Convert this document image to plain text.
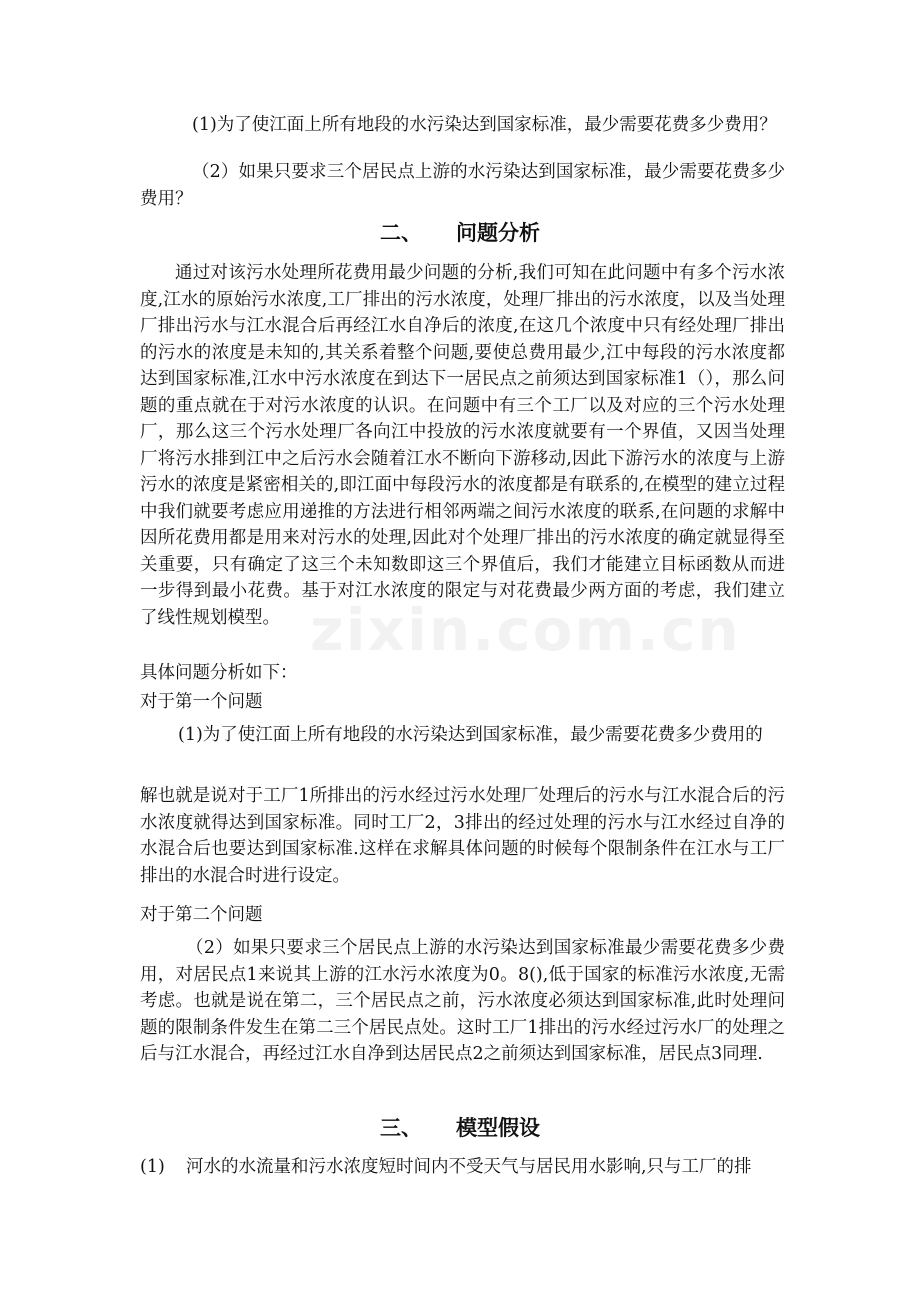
(1)为了使江面上所有地段的水污染达到国家标准，最少需要花费多少费用？

（2）如果只要求三个居民点上游的水污染达到国家标准，最少需要花费多少费用？

二、 问题分析

通过对该污水处理所花费用最少问题的分析,我们可知在此问题中有多个污水浓度,江水的原始污水浓度,工厂排出的污水浓度，处理厂排出的污水浓度，以及当处理厂排出污水与江水混合后再经江水自净后的浓度,在这几个浓度中只有经处理厂排出的污水的浓度是未知的,其关系着整个问题,要使总费用最少,江中每段的污水浓度都达到国家标准,江水中污水浓度在到达下一居民点之前须达到国家标准1（），那么问题的重点就在于对污水浓度的认识。在问题中有三个工厂以及对应的三个污水处理厂，那么这三个污水处理厂各向江中投放的污水浓度就要有一个界值，又因当处理厂将污水排到江中之后污水会随着江水不断向下游移动,因此下游污水的浓度与上游污水的浓度是紧密相关的,即江面中每段污水的浓度都是有联系的,在模型的建立过程中我们就要考虑应用递推的方法进行相邻两端之间污水浓度的联系,在问题的求解中因所花费用都是用来对污水的处理,因此对个处理厂排出的污水浓度的确定就显得至关重要，只有确定了这三个未知数即这三个界值后，我们才能建立目标函数从而进一步得到最小花费。基于对江水浓度的限定与对花费最少两方面的考虑，我们建立了线性规划模型。

具体问题分析如下：

对于第一个问题

(1)为了使江面上所有地段的水污染达到国家标准，最少需要花费多少费用的

解也就是说对于工厂1所排出的污水经过污水处理厂处理后的污水与江水混合后的污水浓度就得达到国家标准。同时工厂2，3排出的经过处理的污水与江水经过自净的水混合后也要达到国家标准.这样在求解具体问题的时候每个限制条件在江水与工厂排出的水混合时进行设定。

对于第二个问题

（2）如果只要求三个居民点上游的水污染达到国家标准最少需要花费多少费用，对居民点1来说其上游的江水污水浓度为0。8(),低于国家的标准污水浓度,无需考虑。也就是说在第二，三个居民点之前，污水浓度必须达到国家标准,此时处理问题的限制条件发生在第二三个居民点处。这时工厂1排出的污水经过污水厂的处理之后与江水混合，再经过江水自净到达居民点2之前须达到国家标准，居民点3同理.

三、 模型假设

(1) 河水的水流量和污水浓度短时间内不受天气与居民用水影响,只与工厂的排

zixin.com.cn
